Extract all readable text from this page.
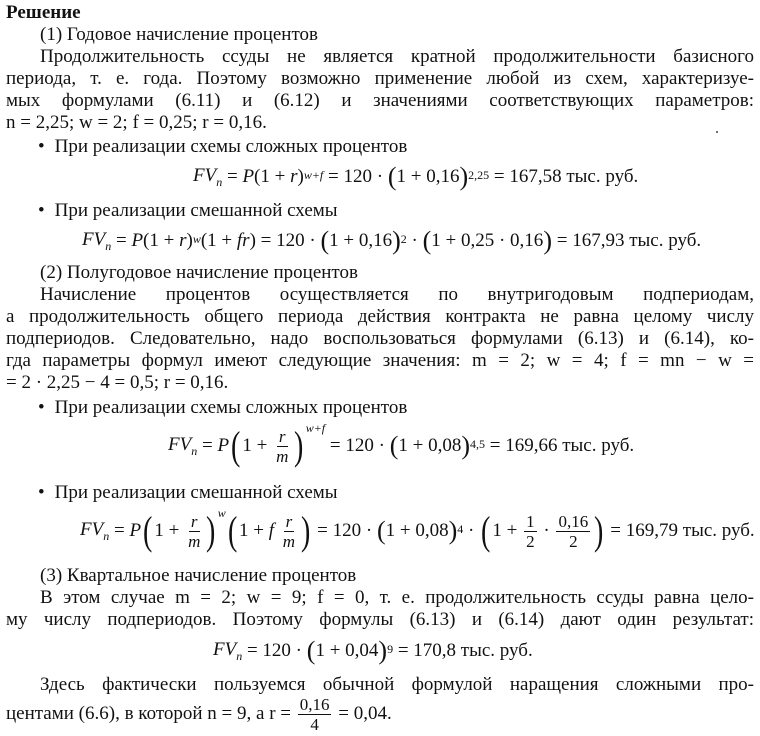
Решение
(1) Годовое начисление процентов
Продолжительность ссуды не является кратной продолжительности базисного
периода, т. е. года. Поэтому возможно применение любой из схем, характеризуе-
мых формулами (6.11) и (6.12) и значениями соответствующих параметров:
n = 2,25; w = 2; f = 0,25; r = 0,16.
• При реализации схемы сложных процентов
$FV_n = P$ (1 + r ) $^{w+f}$ = 120 · ( 1 + 0,16 )$^{2,25}$
= 167,58 тыс. руб.
• При реализации смешанной схемы
$FV_n = P$ (1 + r ) $^w$ (1 + fr ) = 120 · ( 1 + 0,16 )$^2$ · ( 1 + 0,25 · 0,16 )
= 167,93 тыс. руб.
(2) Полугодовое начисление процентов
Начисление процентов осуществляется по внутригодовым подпериодам,
а продолжительность общего периода действия контракта не равна целому числу
подпериодов. Следовательно, надо воспользоваться формулами (6.13) и (6.14), ко-
гда параметры формул имеют следующие значения: m = 2; w = 4; f = mn − w =
= 2 · 2,25 − 4 = 0,5; r = 0,16.
• При реализации схемы сложных процентов
$FV_n = P$ ( $1 + \frac{r}{m}$ ) $^{w+f}$
= 120 · ( 1 + 0,08 )$^{4,5}$
= 169,66 тыс. руб.
• При реализации смешанной схемы
$FV_n = P$ ( $1 + \frac{r}{m}$ ) $^w$ ( 1 + f
$\frac{r}{m}$ ) = 120 · ( 1 + 0,08 )$^4$ · ( $1 + \frac{1}{2} \cdot \frac{0,16}{2}$ )
= 169,79 тыс. руб.
(3) Квартальное начисление процентов
В этом случае m = 2; w = 9; f = 0, т. е. продолжительность ссуды равна цело-
му числу подпериодов. Поэтому формулы (6.13) и (6.14) дают один результат:
$FV_n = 120$ · ( 1 + 0,04 )$^9$
= 170,8 тыс. руб.
Здесь фактически пользуемся обычной формулой наращения сложными про-
центами (6.6), в которой n = 9, а r =
$\frac{0,16}{4}$
= 0,04.
